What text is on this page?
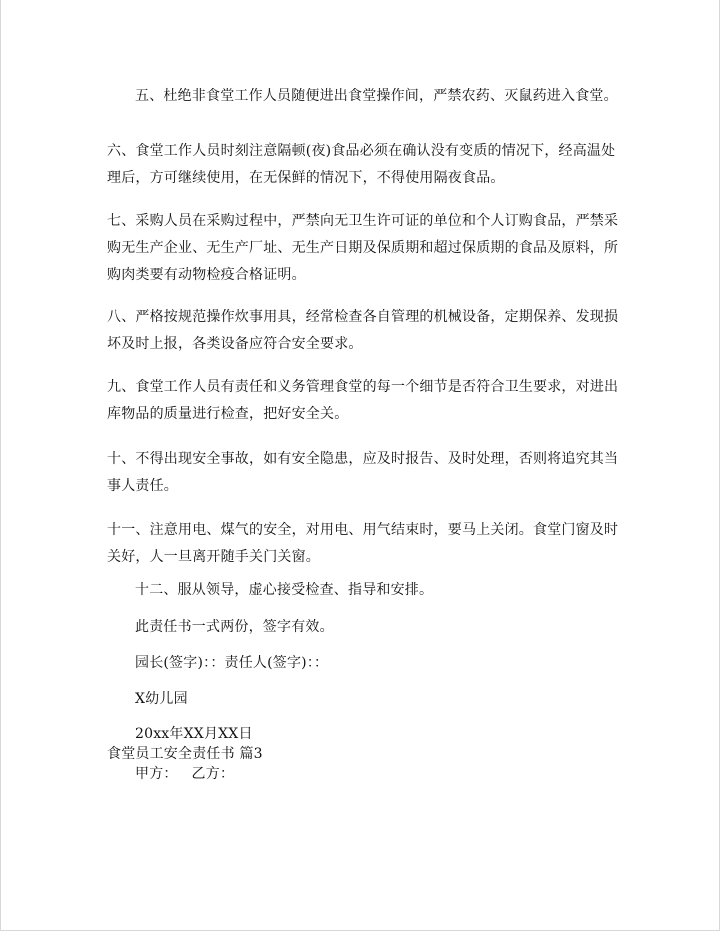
五、杜绝非食堂工作人员随便进出食堂操作间，严禁农药、灭鼠药进入食堂。
六、食堂工作人员时刻注意隔顿(夜)食品必须在确认没有变质的情况下，经高温处
理后，方可继续使用，在无保鲜的情况下，不得使用隔夜食品。
七、采购人员在采购过程中，严禁向无卫生许可证的单位和个人订购食品，严禁采
购无生产企业、无生产厂址、无生产日期及保质期和超过保质期的食品及原料，所
购肉类要有动物检疫合格证明。
八、严格按规范操作炊事用具，经常检查各自管理的机械设备，定期保养、发现损
坏及时上报，各类设备应符合安全要求。
九、食堂工作人员有责任和义务管理食堂的每一个细节是否符合卫生要求，对进出
库物品的质量进行检查，把好安全关。
十、不得出现安全事故，如有安全隐患，应及时报告、及时处理，否则将追究其当
事人责任。
十一、注意用电、煤气的安全，对用电、用气结束时，要马上关闭。食堂门窗及时
关好，人一旦离开随手关门关窗。
十二、服从领导，虚心接受检查、指导和安排。
此责任书一式两份，签字有效。
园长(签字)：：责任人(签字)：：
X幼儿园
20xx年XX月XX日
食堂员工安全责任书 篇3
甲方：   乙方：
